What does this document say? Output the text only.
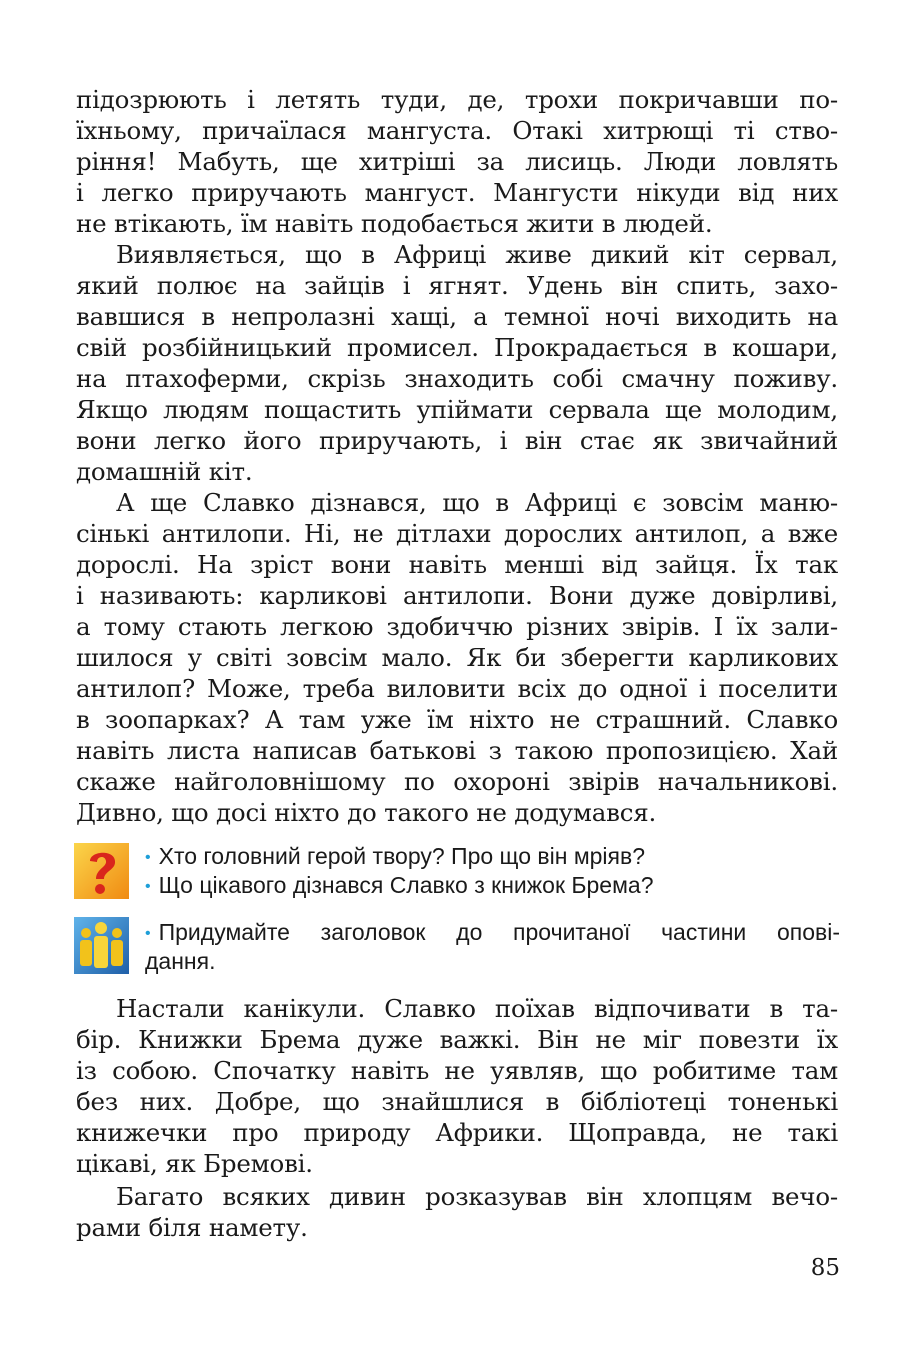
підозрюють і летять туди, де, трохи покричавши по-
їхньому, причаїлася мангуста. Отакі хитрющі ті ство-
ріння! Мабуть, ще хитріші за лисиць. Люди ловлять
і легко приручають мангуст. Мангусти нікуди від них
не втікають, їм навіть подобається жити в людей.
Виявляється, що в Африці живе дикий кіт сервал,
який полює на зайців і ягнят. Удень він спить, захо-
вавшися в непролазні хащі, а темної ночі виходить на
свій розбійницький промисел. Прокрадається в кошари,
на птахоферми, скрізь знаходить собі смачну поживу.
Якщо людям пощастить упіймати сервала ще молодим,
вони легко його приручають, і він стає як звичайний
домашній кіт.
А ще Славко дізнався, що в Африці є зовсім маню-
сінькі антилопи. Ні, не дітлахи дорослих антилоп, а вже
дорослі. На зріст вони навіть менші від зайця. Їх так
і називають: карликові антилопи. Вони дуже довірливі,
а тому стають легкою здобиччю різних звірів. І їх зали-
шилося у світі зовсім мало. Як би зберегти карликових
антилоп? Може, треба виловити всіх до одної і поселити
в зоопарках? А там уже їм ніхто не страшний. Славко
навіть листа написав батькові з такою пропозицією. Хай
скаже найголовнішому по охороні звірів начальникові.
Дивно, що досі ніхто до такого не додумався.
• Хто головний герой твору? Про що він мріяв?
• Що цікавого дізнався Славко з книжок Брема?
• Придумайте заголовок до прочитаної частини опові-
дання.
Настали канікули. Славко поїхав відпочивати в та-
бір. Книжки Брема дуже важкі. Він не міг повезти їх
із собою. Спочатку навіть не уявляв, що робитиме там
без них. Добре, що знайшлися в бібліотеці тоненькі
книжечки про природу Африки. Щоправда, не такі
цікаві, як Бремові.
Багато всяких дивин розказував він хлопцям вечо-
рами біля намету.
85
